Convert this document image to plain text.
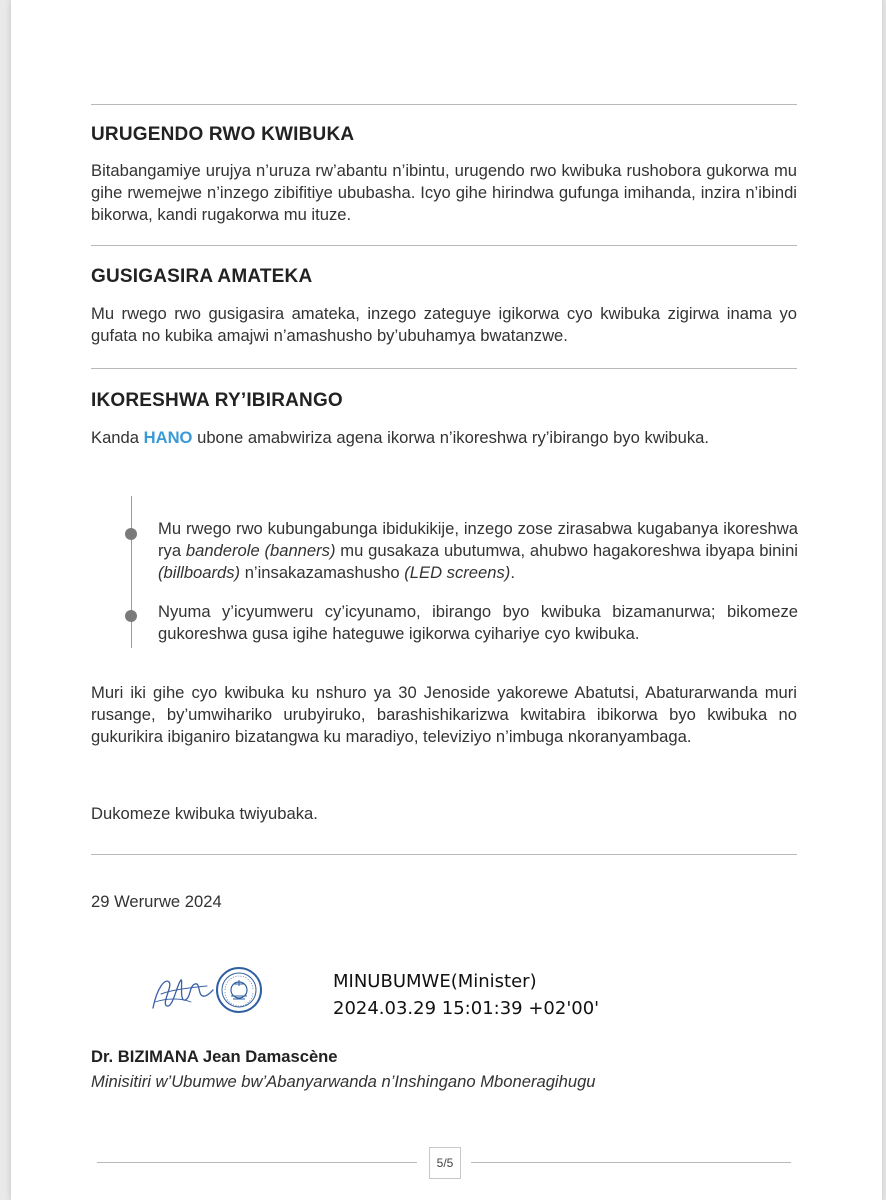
URUGENDO RWO KWIBUKA

Bitabangamiye urujya n’uruza rw’abantu n’ibintu, urugendo rwo kwibuka rushobora gukorwa mu gihe rwemejwe n’inzego zibifitiye ububasha. Icyo gihe hirindwa gufunga imihanda, inzira n’ibindi bikorwa, kandi rugakorwa mu ituze.

GUSIGASIRA AMATEKA

Mu rwego rwo gusigasira amateka, inzego zateguye igikorwa cyo kwibuka zigirwa inama yo gufata no kubika amajwi n’amashusho by’ubuhamya bwatanzwe.

IKORESHWA RY’IBIRANGO

Kanda HANO ubone amabwiriza agena ikorwa n’ikoreshwa ry’ibirango byo kwibuka.

Mu rwego rwo kubungabunga ibidukikije, inzego zose zirasabwa kugabanya ikoreshwa rya banderole (banners) mu gusakaza ubutumwa, ahubwo hagakoreshwa ibyapa binini (billboards) n’insakazamashusho (LED screens).

Nyuma y’icyumweru cy’icyunamo, ibirango byo kwibuka bizamanurwa; bikomeze gukoreshwa gusa igihe hateguwe igikorwa cyihariye cyo kwibuka.

Muri iki gihe cyo kwibuka ku nshuro ya 30 Jenoside yakorewe Abatutsi, Abaturarwanda muri rusange, by’umwihariko urubyiruko, barashishikarizwa kwitabira ibikorwa byo kwibuka no gukurikira ibiganiro bizatangwa ku maradiyo, televiziyo n’imbuga nkoranyambaga.

Dukomeze kwibuka twiyubaka.

29 Werurwe 2024
MINUBUMWE(Minister)
2024.03.29 15:01:39 +02'00'
Dr. BIZIMANA Jean Damascène
Minisitiri w’Ubumwe bw’Abanyarwanda n’Inshingano Mboneragihugu
5/5
